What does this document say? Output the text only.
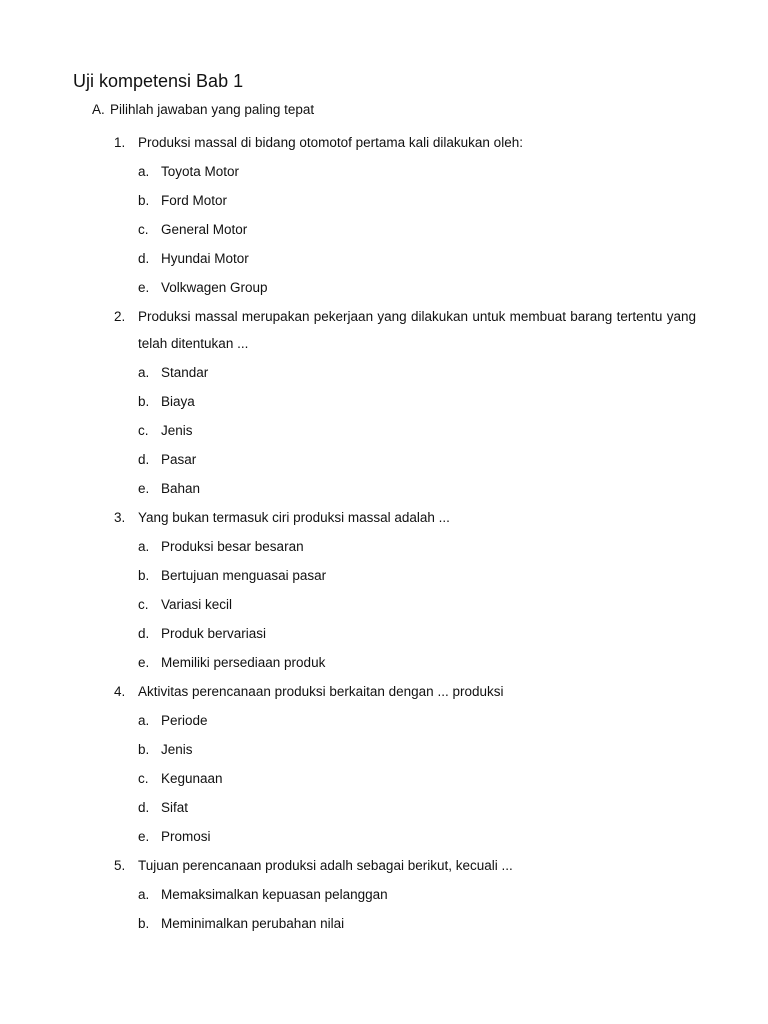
Uji kompetensi Bab 1
A. Pilihlah jawaban yang paling tepat
1. Produksi massal di bidang otomotof pertama kali dilakukan oleh:
a. Toyota Motor
b. Ford Motor
c. General Motor
d. Hyundai Motor
e. Volkwagen Group
2. Produksi massal merupakan pekerjaan yang dilakukan untuk membuat barang tertentu yang telah ditentukan ...
a. Standar
b. Biaya
c. Jenis
d. Pasar
e. Bahan
3. Yang bukan termasuk ciri produksi massal adalah ...
a. Produksi besar besaran
b. Bertujuan menguasai pasar
c. Variasi kecil
d. Produk bervariasi
e. Memiliki persediaan produk
4. Aktivitas perencanaan produksi berkaitan dengan ... produksi
a. Periode
b. Jenis
c. Kegunaan
d. Sifat
e. Promosi
5. Tujuan perencanaan produksi adalh sebagai berikut, kecuali ...
a. Memaksimalkan kepuasan pelanggan
b. Meminimalkan perubahan nilai
